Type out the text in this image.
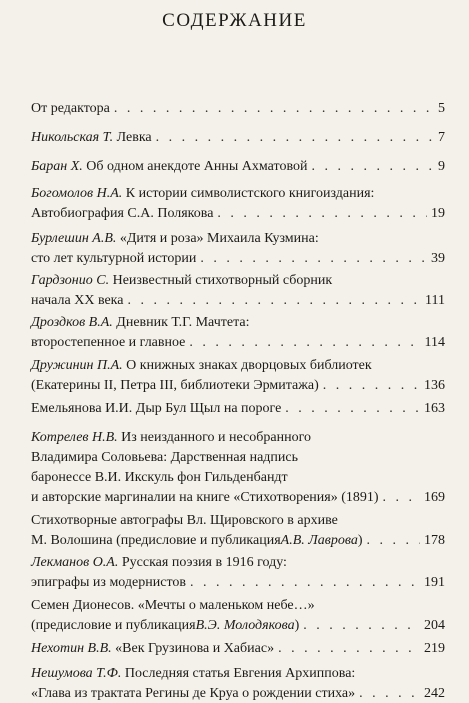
СОДЕРЖАНИЕ
От редактора . . .	5
Никольская Т.
Левка . . .	7
Баран Х.
Об одном анекдоте Анны Ахматовой . . .	9
Богомолов Н.А.
К истории символистского книгоиздания:
Автобиография С.А. Полякова . . .	19
Бурлешин А.В.
«Дитя и роза» Михаила Кузмина:
сто лет культурной истории . . .	39
Гардзонио С.
Неизвестный стихотворный сборник
начала XX века . . .	111
Дроздков В.А.
Дневник Т.Г. Мачтета:
второстепенное и главное . . .	114
Дружинин П.А.
О книжных знаках дворцовых библиотек
(Екатерины II, Петра III, библиотеки Эрмитажа) . . .	136
Емельянова И.И. Дыр Бул Щыл на пороге . . .	163
Котрелев Н.В.
Из неизданного и несобранного
Владимира Соловьева: Дарственная надпись
баронессе В.И. Икскуль фон Гильденбандт
и авторские маргиналии на книге «Стихотворения» (1891) . . .	169
Стихотворные автографы Вл. Щировского в архиве
М. Волошина (предисловие и публикация А.В. Лаврова ) . . .	178
Лекманов О.А.
Русская поэзия в 1916 году:
эпиграфы из модернистов . . .	191
Семен Дионесов. «Мечты о маленьком небе…»
(предисловие и публикация В.Э. Молодякова ) . . .	204
Нехотин В.В.
«Век Грузинова и Хабиас» . . .	219
Нешумова Т.Ф.
Последняя статья Евгения Архиппова:
«Глава из трактата Регины де Круа о рождении стиха» . . .	242
